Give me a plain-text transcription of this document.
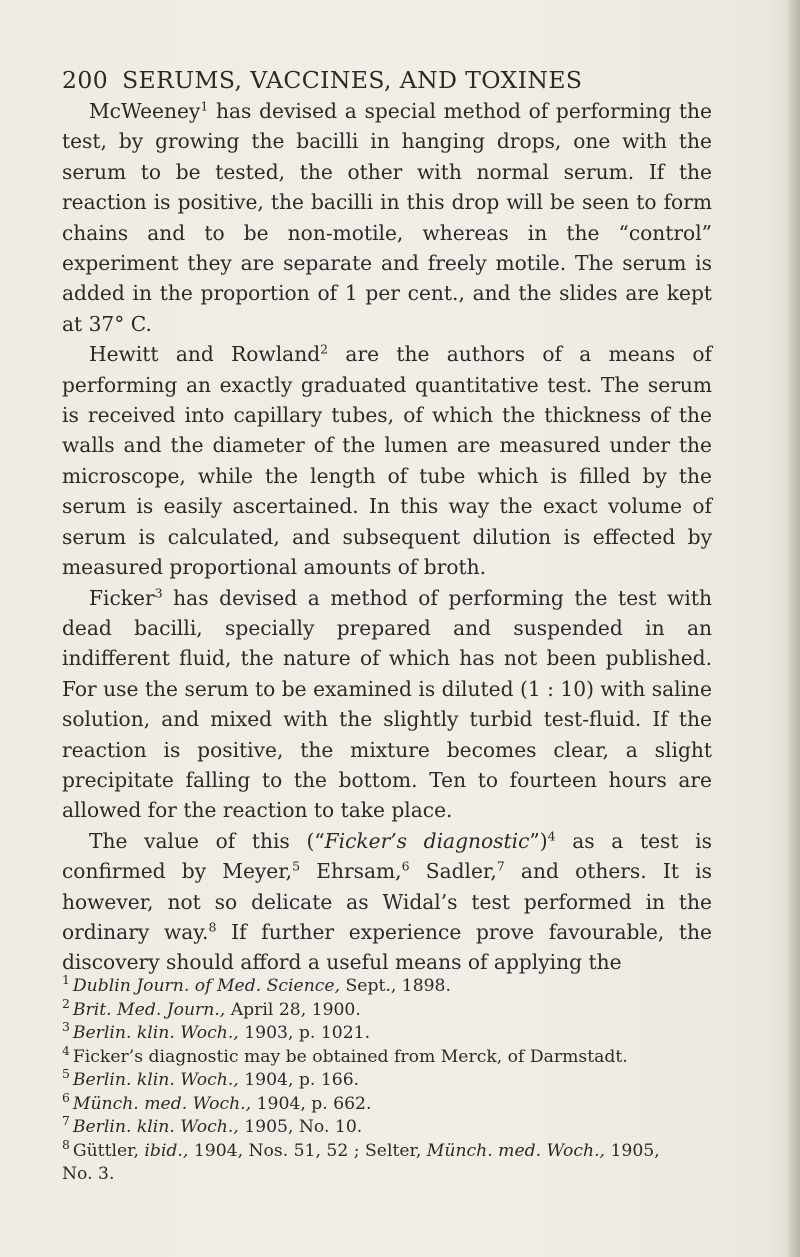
200 SERUMS, VACCINES, AND TOXINES

McWeeney$^1$ has devised a special method of performing the test, by growing the bacilli in hanging drops, one with the serum to be tested, the other with normal serum. If the reaction is positive, the bacilli in this drop will be seen to form chains and to be non-motile, whereas in the “control” experiment they are separate and freely motile. The serum is added in the proportion of 1 per cent., and the slides are kept at 37° C.

Hewitt and Rowland$^2$ are the authors of a means of performing an exactly graduated quantitative test. The serum is received into capillary tubes, of which the thickness of the walls and the diameter of the lumen are measured under the microscope, while the length of tube which is filled by the serum is easily ascertained. In this way the exact volume of serum is calculated, and subsequent dilution is effected by measured proportional amounts of broth.

Ficker$^3$ has devised a method of performing the test with dead bacilli, specially prepared and suspended in an indifferent fluid, the nature of which has not been published. For use the serum to be examined is diluted (1 : 10) with saline solution, and mixed with the slightly turbid test-fluid. If the reaction is positive, the mixture becomes clear, a slight precipitate falling to the bottom. Ten to fourteen hours are allowed for the reaction to take place.

The value of this (“Ficker’s diagnostic”)$^4$ as a test is confirmed by Meyer,$^5$ Ehrsam,$^6$ Sadler,$^7$ and others. It is however, not so delicate as Widal’s test performed in the ordinary way.$^8$ If further experience prove favourable, the discovery should afford a useful means of applying the

$^1$ Dublin Journ. of Med. Science, Sept., 1898.

$^2$ Brit. Med. Journ., April 28, 1900.

$^3$ Berlin. klin. Woch., 1903, p. 1021.

$^4$ Ficker’s diagnostic may be obtained from Merck, of Darmstadt.

$^5$ Berlin. klin. Woch., 1904, p. 166.

$^6$ Münch. med. Woch., 1904, p. 662.

$^7$ Berlin. klin. Woch., 1905, No. 10.

$^8$ Güttler, ibid., 1904, Nos. 51, 52 ; Selter, Münch. med. Woch., 1905,

No. 3.
